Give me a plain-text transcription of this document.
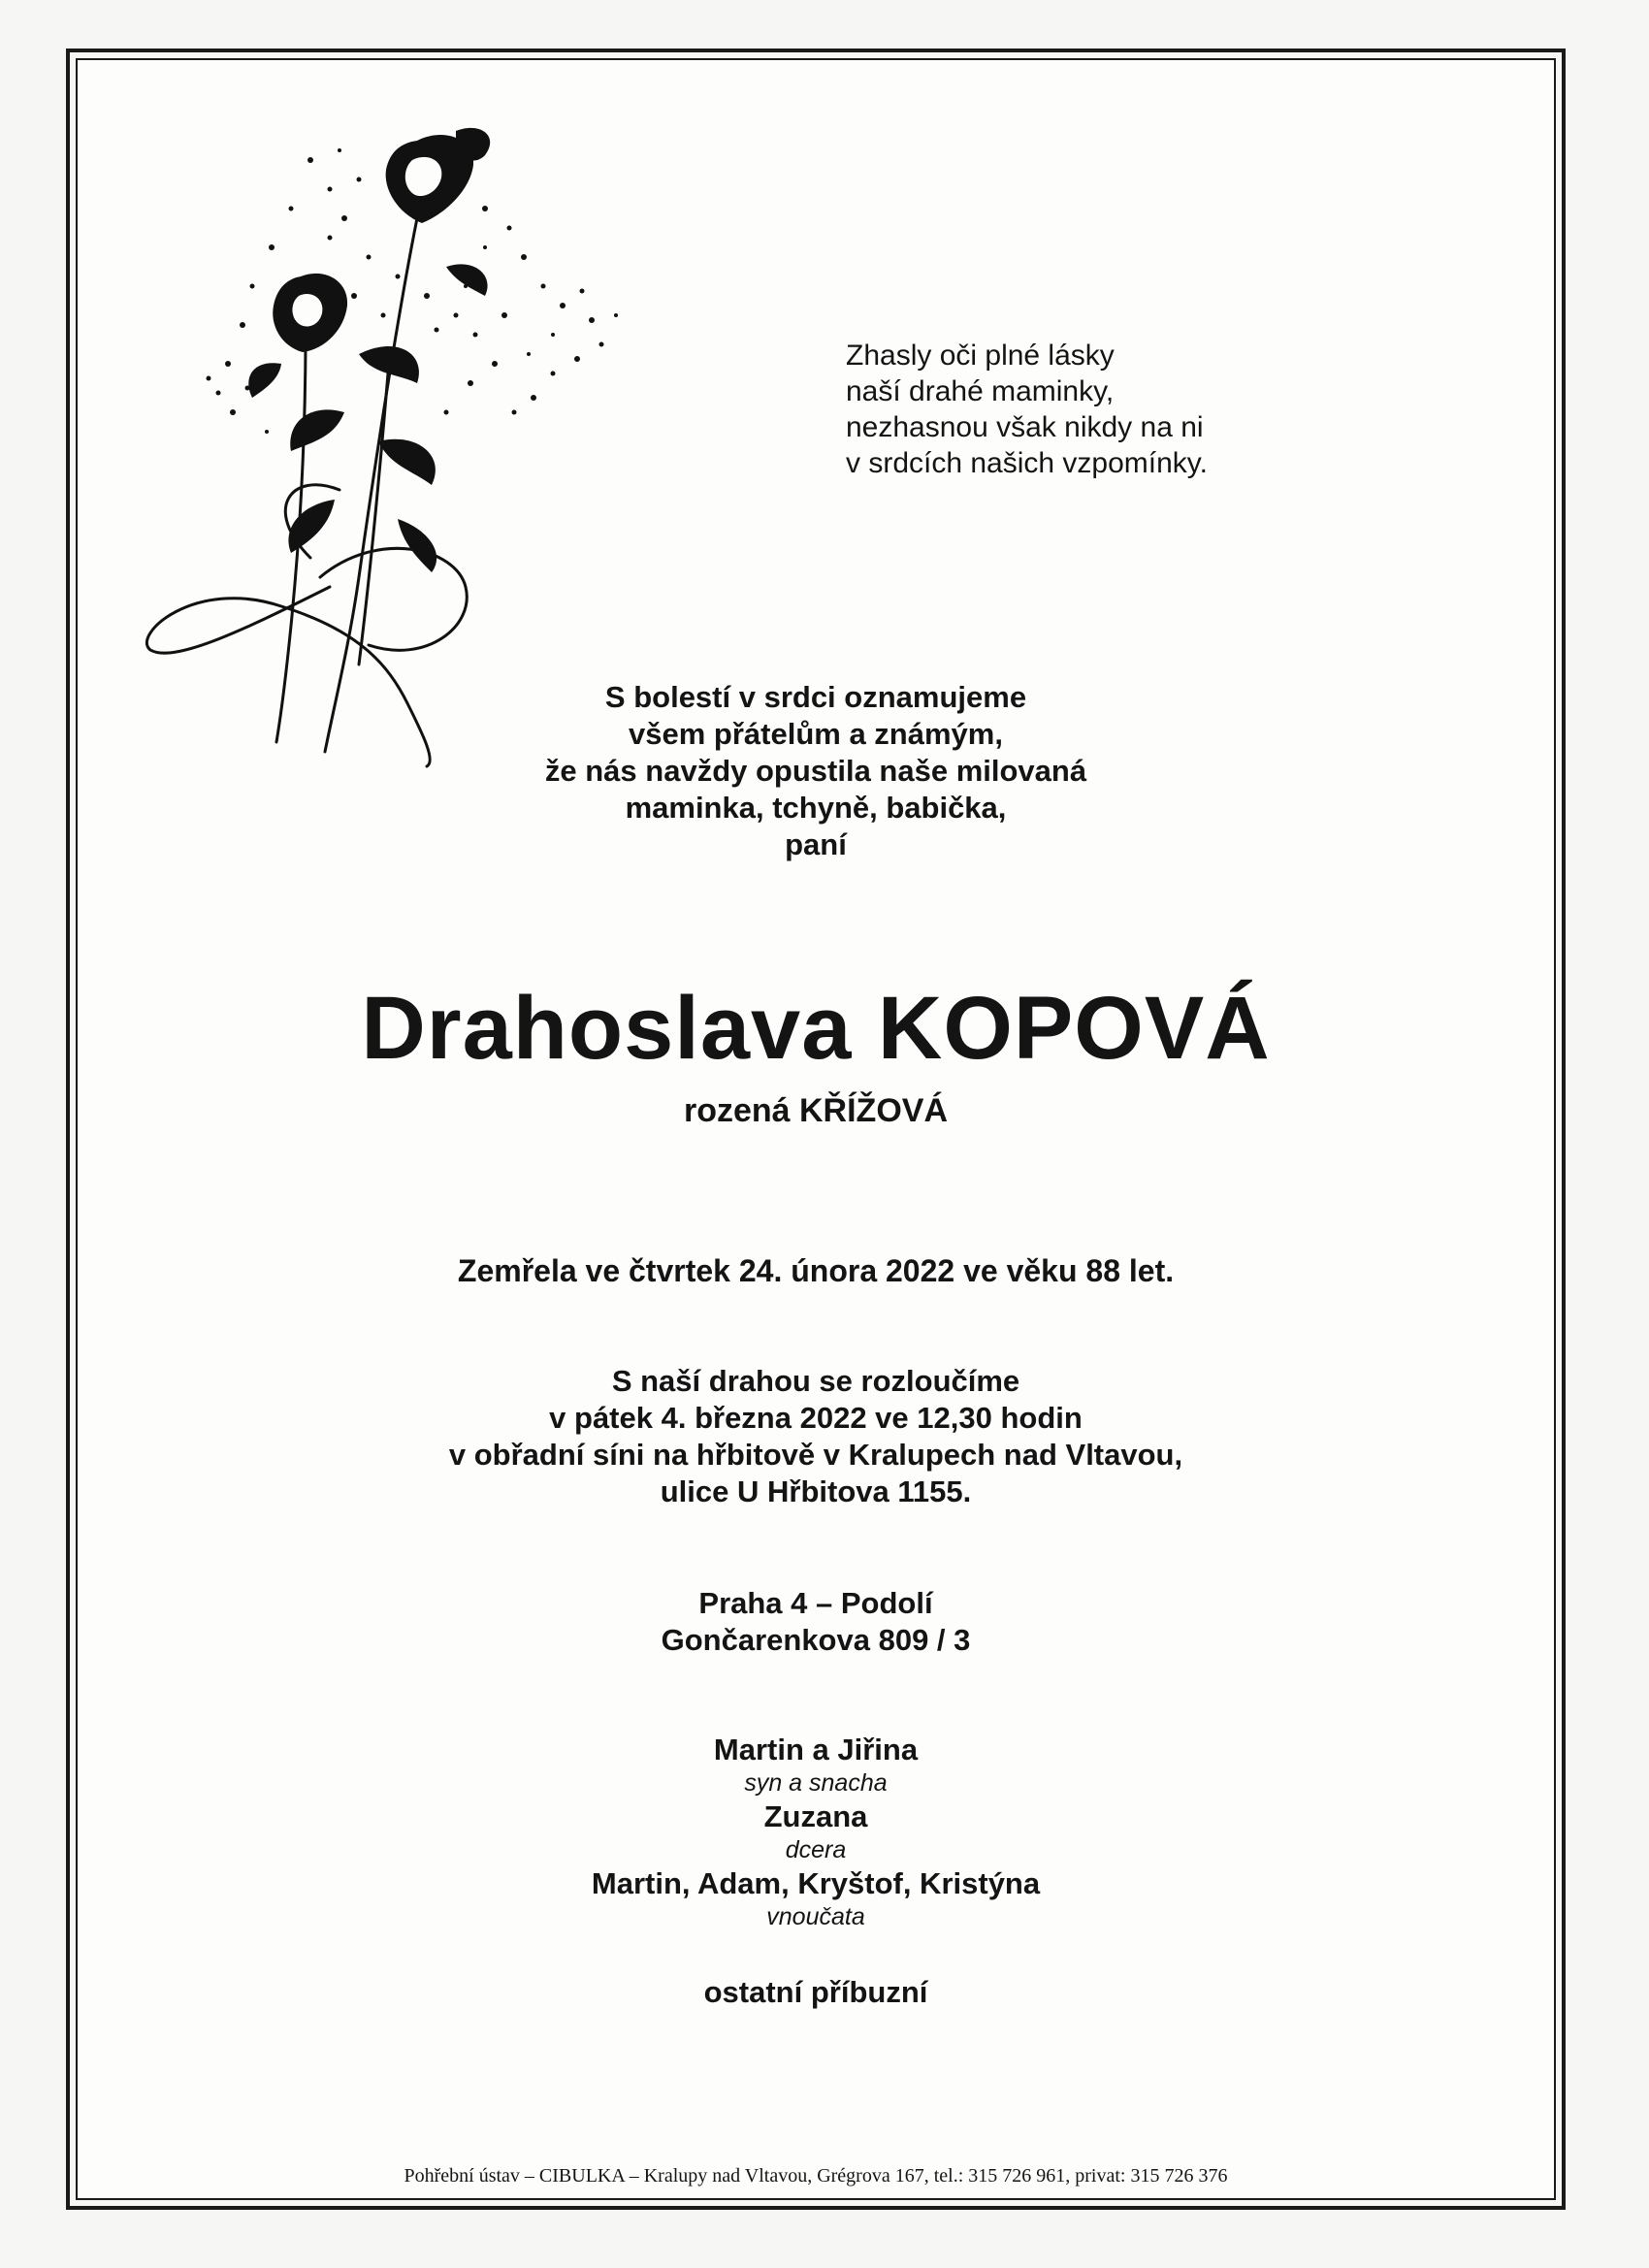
Zhasly oči plné lásky
naší drahé maminky,
nezhasnou však nikdy na ni
v srdcích našich vzpomínky.
S bolestí v srdci oznamujeme
všem přátelům a známým,
že nás navždy opustila naše milovaná
maminka, tchyně, babička,
paní
Drahoslava KOPOVÁ
rozená KŘÍŽOVÁ
Zemřela ve čtvrtek 24. února 2022 ve věku 88 let.
S naší drahou se rozloučíme
v pátek 4. března 2022 ve 12,30 hodin
v obřadní síni na hřbitově v Kralupech nad Vltavou,
ulice U Hřbitova 1155.
Praha 4 – Podolí
Gončarenkova 809 / 3
Martin a Jiřina
syn a snacha
Zuzana
dcera
Martin, Adam, Kryštof, Kristýna
vnoučata
ostatní příbuzní
Pohřební ústav – CIBULKA – Kralupy nad Vltavou, Grégrova 167, tel.: 315 726 961, privat: 315 726 376
